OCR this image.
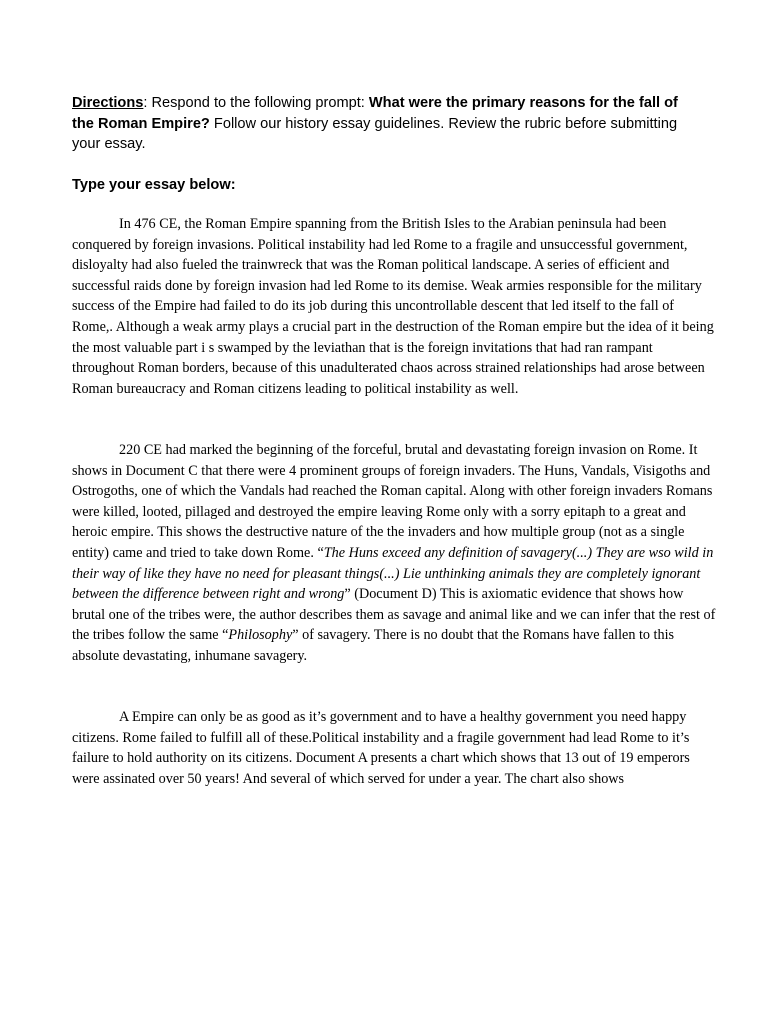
Directions: Respond to the following prompt: What were the primary reasons for the fall of the Roman Empire? Follow our history essay guidelines. Review the rubric before submitting your essay.

Type your essay below:

In 476 CE, the Roman Empire spanning from the British Isles to the Arabian peninsula had been conquered by foreign invasions. Political instability had led Rome to a fragile and unsuccessful government, disloyalty had also fueled the trainwreck that was the Roman political landscape. A series of efficient and successful raids done by foreign invasion had led Rome to its demise. Weak armies responsible for the military success of the Empire had failed to do its job during this uncontrollable descent that led itself to the fall of Rome,. Although a weak army plays a crucial part in the destruction of the Roman empire but the idea of it being the most valuable part i s swamped by the leviathan that is the foreign invitations that had ran rampant throughout Roman borders, because of this unadulterated chaos across strained relationships had arose between Roman bureaucracy and Roman citizens leading to political instability as well.

220 CE had marked the beginning of the forceful, brutal and devastating foreign invasion on Rome. It shows in Document C that there were 4 prominent groups of foreign invaders. The Huns, Vandals, Visigoths and Ostrogoths, one of which the Vandals had reached the Roman capital. Along with other foreign invaders Romans were killed, looted, pillaged and destroyed the empire leaving Rome only with a sorry epitaph to a great and heroic empire. This shows the destructive nature of the the invaders and how multiple group (not as a single entity) came and tried to take down Rome. “The Huns exceed any definition of savagery(...) They are wso wild in their way of like they have no need for pleasant things(...) Lie unthinking animals they are completely ignorant between the difference between right and wrong” (Document D) This is axiomatic evidence that shows how brutal one of the tribes were, the author describes them as savage and animal like and we can infer that the rest of the tribes follow the same “Philosophy” of savagery. There is no doubt that the Romans have fallen to this absolute devastating, inhumane savagery.

A Empire can only be as good as it’s government and to have a healthy government you need happy citizens. Rome failed to fulfill all of these.Political instability and a fragile government had lead Rome to it’s failure to hold authority on its citizens. Document A presents a chart which shows that 13 out of 19 emperors were assinated over 50 years! And several of which served for under a year. The chart also shows
